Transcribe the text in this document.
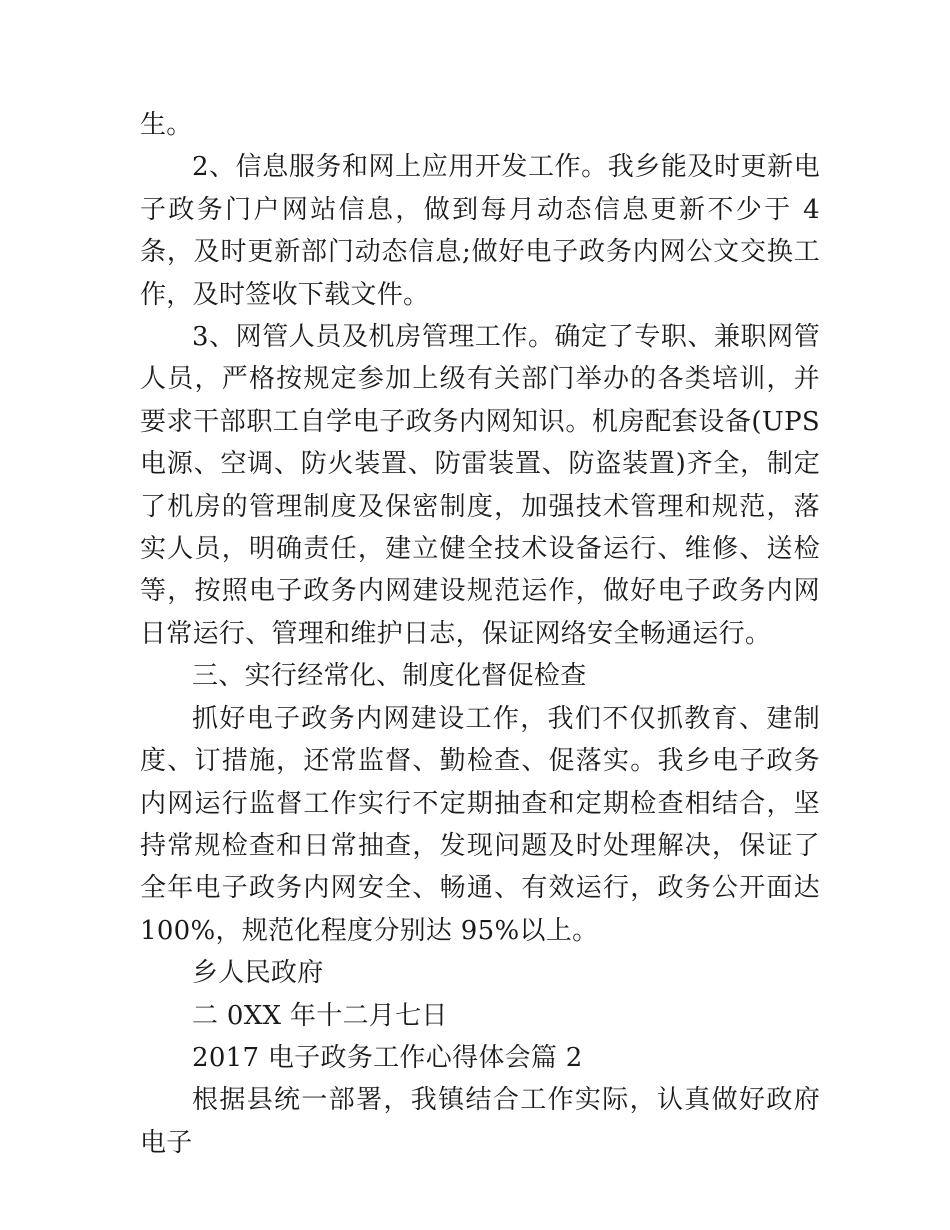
生。

2、信息服务和网上应用开发工作。我乡能及时更新电子政务门户网站信息，做到每月动态信息更新不少于 4 条，及时更新部门动态信息;做好电子政务内网公文交换工作，及时签收下载文件。

3、网管人员及机房管理工作。确定了专职、兼职网管人员，严格按规定参加上级有关部门举办的各类培训，并要求干部职工自学电子政务内网知识。机房配套设备(UPS 电源、空调、防火装置、防雷装置、防盗装置)齐全，制定了机房的管理制度及保密制度，加强技术管理和规范，落实人员，明确责任，建立健全技术设备运行、维修、送检等，按照电子政务内网建设规范运作，做好电子政务内网日常运行、管理和维护日志，保证网络安全畅通运行。

三、实行经常化、制度化督促检查

抓好电子政务内网建设工作，我们不仅抓教育、建制度、订措施，还常监督、勤检查、促落实。我乡电子政务内网运行监督工作实行不定期抽查和定期检查相结合，坚持常规检查和日常抽查，发现问题及时处理解决，保证了全年电子政务内网安全、畅通、有效运行，政务公开面达 100%，规范化程度分别达 95%以上。

乡人民政府

二 0XX 年十二月七日

2017 电子政务工作心得体会篇 2

根据县统一部署，我镇结合工作实际，认真做好政府电子
